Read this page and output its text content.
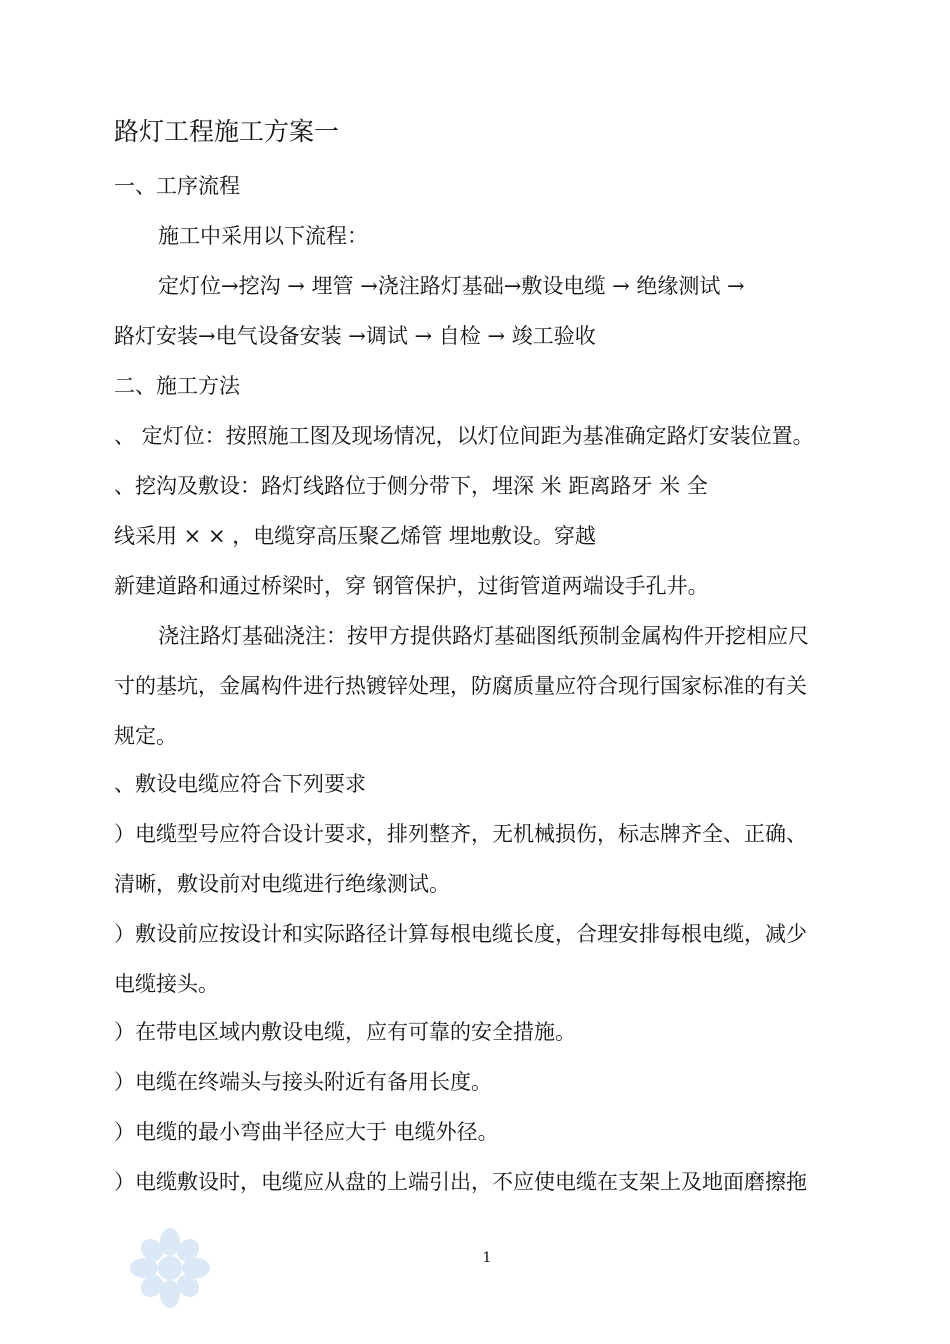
路灯工程施工方案一
一、工序流程
施工中采用以下流程：
定灯位→挖沟 → 埋管 →浇注路灯基础→敷设电缆 → 绝缘测试 →
路灯安装→电气设备安装 →调试 → 自检 → 竣工验收
二、施工方法
、 定灯位：按照施工图及现场情况，以灯位间距为基准确定路灯安装位置。
、挖沟及敷设：路灯线路位于侧分带下，埋深 米 距离路牙 米 全
线采用 × × ，电缆穿高压聚乙烯管 埋地敷设。穿越
新建道路和通过桥梁时，穿 钢管保护，过街管道两端设手孔井。
浇注路灯基础浇注：按甲方提供路灯基础图纸预制金属构件开挖相应尺
寸的基坑，金属构件进行热镀锌处理，防腐质量应符合现行国家标准的有关
规定。
、敷设电缆应符合下列要求
）电缆型号应符合设计要求，排列整齐，无机械损伤，标志牌齐全、正确、
清晰，敷设前对电缆进行绝缘测试。
）敷设前应按设计和实际路径计算每根电缆长度，合理安排每根电缆，减少
电缆接头。
）在带电区域内敷设电缆，应有可靠的安全措施。
）电缆在终端头与接头附近有备用长度。
）电缆的最小弯曲半径应大于 电缆外径。
）电缆敷设时，电缆应从盘的上端引出，不应使电缆在支架上及地面磨擦拖
1
